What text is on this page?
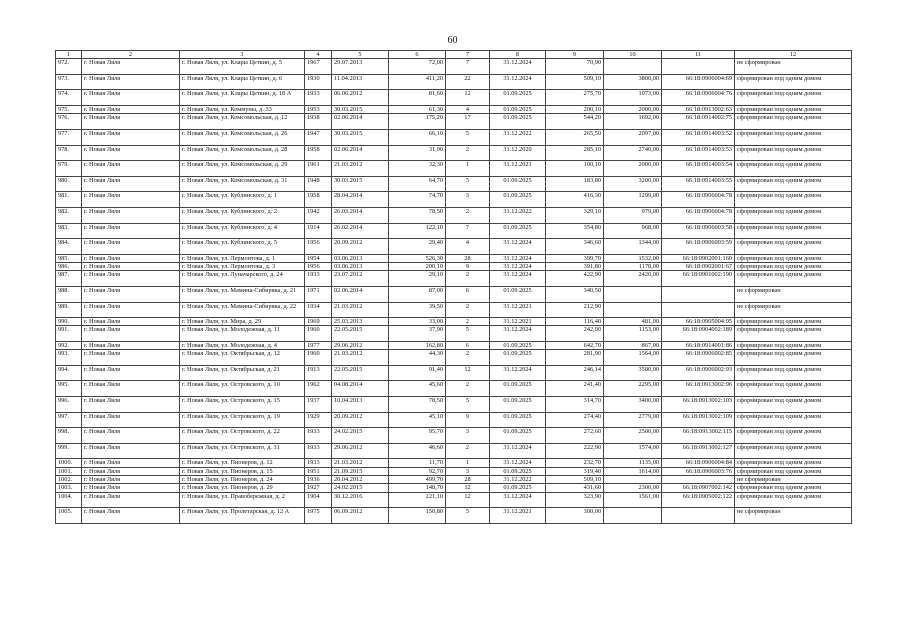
60
1	2	3	4	5	6	7	8	9	10	11	12
972.	г. Новая Ляля	г. Новая Ляля, ул. Клары Цеткин, д. 5	1967	29.07.2013	72,00	7	31.12.2024	70,90			не сформирован
973.	г. Новая Ляля	г. Новая Ляля, ул. Клары Цеткин, д. 6	1930	11.04.2013	411,20	22	31.12.2024	509,10	3800,00	66:18:0906004:69	сформирован под одним домом
974.	г. Новая Ляля	г. Новая Ляля, ул. Клары Цеткин, д. 18 А	1933	06.06.2012	81,60	12	01.09.2025	275,70	1073,00	66:18:0906004:76	сформирован под одним домом
975.	г. Новая Ляля	г. Новая Ляля, ул. Коммуны, д. 33	1953	30.03.2015	61,30	4	01.09.2025	200,10	2000,00	66:18:0913002:63	сформирован под одним домом
976.	г. Новая Ляля	г. Новая Ляля, ул. Комсомольская, д. 12	1938	02.06.2014	175,20	17	01.09.2025	544,20	1692,00	66:18:0914002:75	сформирован под одним домом
977.	г. Новая Ляля	г. Новая Ляля, ул. Комсомольская, д. 26	1947	30.03.2015	66,10	5	31.12.2022	265,50	2097,00	66:18:0914003:52	сформирован под одним домом
978.	г. Новая Ляля	г. Новая Ляля, ул. Комсомольская, д. 28	1958	02.06.2014	31,90	2	31.12.2020	285,10	2740,00	66:18:0914003:53	сформирован под одним домом
979.	г. Новая Ляля	г. Новая Ляля, ул. Комсомольская, д. 29	1961	21.03.2012	32,30	1	31.12.2021	100,10	2000,00	66:18:0914003:54	сформирован под одним домом
980.	г. Новая Ляля	г. Новая Ляля, ул. Комсомольская, д. 31	1948	30.03.2015	64,70	5	01.09.2025	183,80	3200,00	66:18:0914003:55	сформирован под одним домом
981.	г. Новая Ляля	г. Новая Ляля, ул. Кублинского, д. 1	1958	28.04.2014	74,70	3	01.09.2025	416,30	1299,00	66:18:0906004:78	сформирован под одним домом
982.	г. Новая Ляля	г. Новая Ляля, ул. Кублинского, д. 2	1942	26.03.2014	78,50	2	31.12.2022	329,10	979,00	66:18:0906004:78	сформирован под одним домом
983.	г. Новая Ляля	г. Новая Ляля, ул. Кублинского, д. 4	1914	26.02.2014	122,10	7	01.09.2025	354,80	968,00	66:18:0906003:58	сформирован под одним домом
984.	г. Новая Ляля	г. Новая Ляля, ул. Кублинского, д. 5	1956	20.09.2012	29,40	4	31.12.2024	346,60	1344,00	66:18:0906003:59	сформирован под одним домом
985.	г. Новая Ляля	г. Новая Ляля, ул. Лермонтова, д. 1	1954	03.06.2013	526,30	28	31.12.2024	399,70	1532,00	66:18:0902001:160	сформирован под одним домом
986.	г. Новая Ляля	г. Новая Ляля, ул. Лермонтова, д. 3	1956	03.06.2013	200,10	9	31.12.2024	391,80	1178,00	66:18:0902001:67	сформирован под одним домом
987.	г. Новая Ляля	г. Новая Ляля, ул. Луначарского, д. 24	1933	23.07.2012	29,10	2	31.12.2024	422,90	2420,00	66:18:0901002:190	сформирован под одним домом
988.	г. Новая Ляля	г. Новая Ляля, ул. Мамина-Сибиряка, д. 21	1971	02.06.2014	87,00	6	01.09.2025	340,50			не сформирован
989.	г. Новая Ляля	г. Новая Ляля, ул. Мамина-Сибиряка, д. 22	1934	21.03.2012	39,50	2	31.12.2021	212,90			не сформирован
990.	г. Новая Ляля	г. Новая Ляля, ул. Мира, д. 29	1969	25.03.2013	33,00	2	31.12.2021	116,40	481,00	66:18:0905004:95	сформирован под одним домом
991.	г. Новая Ляля	г. Новая Ляля, ул. Молодежная, д. 11	1960	22.05.2015	37,90	5	31.12.2024	242,00	1153,00	66:18:0904002:189	сформирован под одним домом
992.	г. Новая Ляля	г. Новая Ляля, ул. Молодежная, д. 4	1977	29.06.2012	162,80	6	01.09.2025	642,70	867,00	66:18:0914001:86	сформирован под одним домом
993.	г. Новая Ляля	г. Новая Ляля, ул. Октябрьская, д. 12	1960	21.03.2012	44,30	2	01.09.2025	281,90	1564,00	66:18:0906002:85	сформирован под одним домом
994.	г. Новая Ляля	г. Новая Ляля, ул. Октябрьская, д. 21	1913	22.05.2015	91,40	12	31.12.2024	246,14	3500,00	66:18:0906002:93	сформирован под одним домом
995.	г. Новая Ляля	г. Новая Ляля, ул. Островского, д. 10	1962	04.08.2014	45,60	2	01.09.2025	241,40	2295,00	66:18:0913002:96	сформирован под одним домом
996.	г. Новая Ляля	г. Новая Ляля, ул. Островского, д. 15	1937	10.04.2013	78,50	5	01.09.2025	314,70	3400,00	66:18:0913002:103	сформирован под одним домом
997.	г. Новая Ляля	г. Новая Ляля, ул. Островского, д. 19	1929	20.09.2012	45,10	9	01.09.2025	274,40	2779,00	66:18:0913002:109	сформирован под одним домом
998.	г. Новая Ляля	г. Новая Ляля, ул. Островского, д. 22	1933	24.02.2015	95,70	3	01.09.2025	272,60	2500,00	66:18:0913002:115	сформирован под одним домом
999.	г. Новая Ляля	г. Новая Ляля, ул. Островского, д. 31	1933	29.06.2012	46,60	2	31.12.2024	222,90	1574,00	66:18:0913002:127	сформирован под одним домом
1000.	г. Новая Ляля	г. Новая Ляля, ул. Пионеров, д. 12	1933	21.03.2012	11,70	1	31.12.2024	232,70	1135,00	66:18:0906004:84	сформирован под одним домом
1001.	г. Новая Ляля	г. Новая Ляля, ул. Пионеров, д. 15	1951	21.09.2015	92,70	3	01.09.2025	319,40	1614,00	66:18:0906003:76	сформирован под одним домом
1002.	г. Новая Ляля	г. Новая Ляля, ул. Пионеров, д. 24	1936	20.04.2012	499,70	28	31.12.2022	509,10			не сформирован
1003.	г. Новая Ляля	г. Новая Ляля, ул. Пионеров, д. 29	1927	24.02.2015	148,70	12	01.09.2025	431,60	2300,00	66:18:0907002:142	сформирован под одним домом
1004.	г. Новая Ляля	г. Новая Ляля, ул. Правобережная, д. 2	1904	30.12.2016	221,10	12	31.12.2024	323,90	1561,00	66:18:0905002:122	сформирован под одним домом
1005.	г. Новая Ляля	г. Новая Ляля, ул. Пролетарская, д. 12 А	1975	06.09.2012	150,80	5	31.12.2021	300,00			не сформирован
